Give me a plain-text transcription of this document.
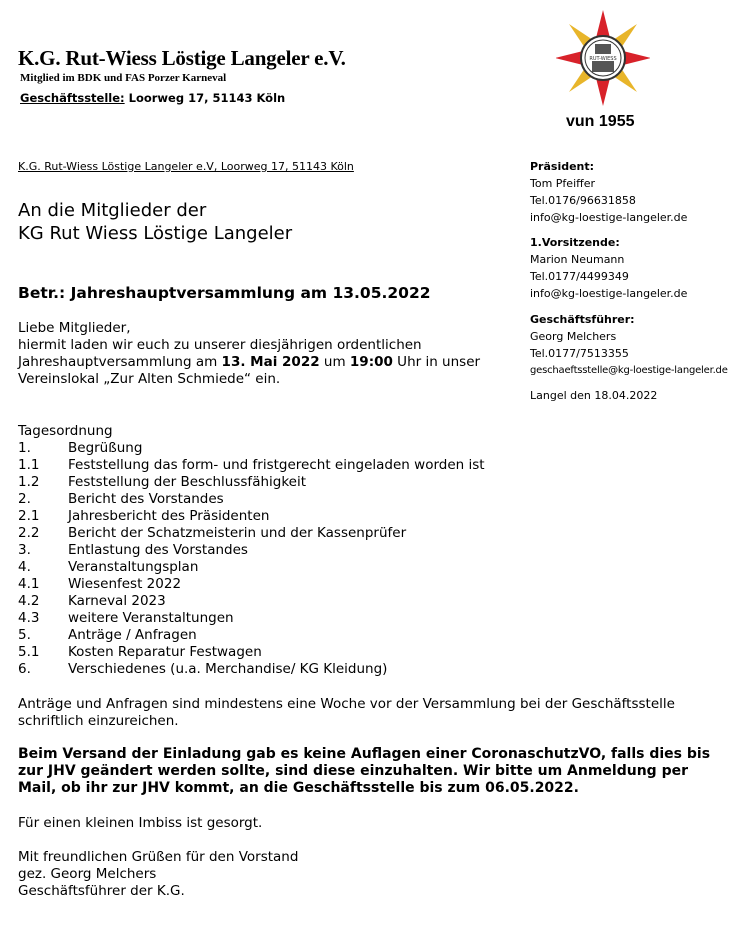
K.G. Rut-Wiess Löstige Langeler e.V.
Mitglied im BDK und FAS Porzer Karneval
Geschäftsstelle: Loorweg 17, 51143 Köln
RUT-WIESS
vun 1955
K.G. Rut-Wiess Löstige Langeler e.V, Loorweg 17, 51143 Köln
An die Mitglieder der
KG Rut Wiess Löstige Langeler
Präsident:
Tom Pfeiffer
Tel.0176/96631858
info@kg-loestige-langeler.de
1.Vorsitzende:
Marion Neumann
Tel.0177/4499349
info@kg-loestige-langeler.de
Geschäftsführer:
Georg Melchers
Tel.0177/7513355
geschaeftsstelle@kg-loestige-langeler.de
Langel den 18.04.2022
Betr.: Jahreshauptversammlung am 13.05.2022
Liebe Mitglieder,
hiermit laden wir euch zu unserer diesjährigen ordentlichen
Jahreshauptversammlung am 13. Mai 2022 um 19:00 Uhr in unser
Vereinslokal „Zur Alten Schmiede“ ein.
Tagesordnung
1.	Begrüßung
1.1	Feststellung das form- und fristgerecht eingeladen worden ist
1.2	Feststellung der Beschlussfähigkeit
2.	Bericht des Vorstandes
2.1	Jahresbericht des Präsidenten
2.2	Bericht der Schatzmeisterin und der Kassenprüfer
3.	Entlastung des Vorstandes
4.	Veranstaltungsplan
4.1	Wiesenfest 2022
4.2	Karneval 2023
4.3	weitere Veranstaltungen
5.	Anträge / Anfragen
5.1	Kosten Reparatur Festwagen
6.	Verschiedenes (u.a. Merchandise/ KG Kleidung)
Anträge und Anfragen sind mindestens eine Woche vor der Versammlung bei der Geschäftsstelle
schriftlich einzureichen.
Beim Versand der Einladung gab es keine Auflagen einer CoronaschutzVO, falls dies bis
zur JHV geändert werden sollte, sind diese einzuhalten. Wir bitte um Anmeldung per
Mail, ob ihr zur JHV kommt, an die Geschäftsstelle bis zum 06.05.2022.
Für einen kleinen Imbiss ist gesorgt.
Mit freundlichen Grüßen für den Vorstand
gez. Georg Melchers
Geschäftsführer der K.G.
